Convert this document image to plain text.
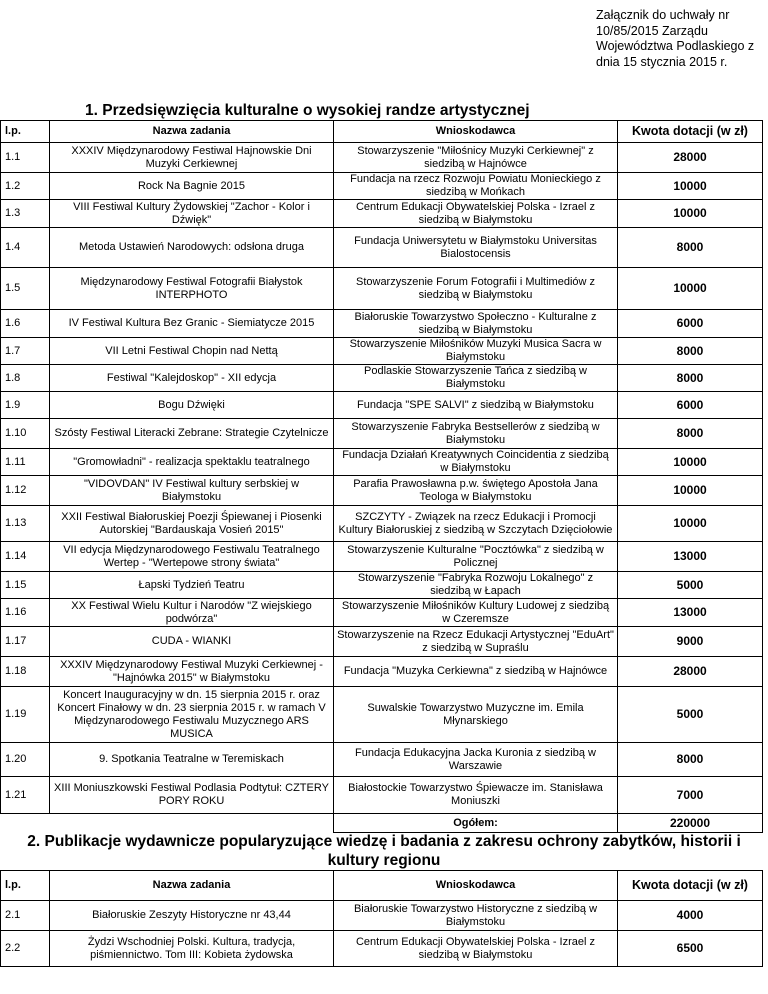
Załącznik do uchwały nr 10/85/2015 Zarządu Województwa Podlaskiego z dnia 15 stycznia 2015 r.
1. Przedsięwzięcia kulturalne o wysokiej randze artystycznej
l.p.	Nazwa zadania	Wnioskodawca	Kwota dotacji (w zł)
1.1	XXXIV Międzynarodowy Festiwal Hajnowskie Dni Muzyki Cerkiewnej	Stowarzyszenie "Miłośnicy Muzyki Cerkiewnej" z siedzibą w Hajnówce	28000
1.2	Rock Na Bagnie 2015	Fundacja na rzecz Rozwoju Powiatu Monieckiego z siedzibą w Mońkach	10000
1.3	VIII Festiwal Kultury Żydowskiej "Zachor - Kolor i Dźwięk"	Centrum Edukacji Obywatelskiej Polska - Izrael z siedzibą w Białymstoku	10000
1.4	Metoda Ustawień Narodowych: odsłona druga	Fundacja Uniwersytetu w Białymstoku Universitas Bialostocensis	8000
1.5	Międzynarodowy Festiwal Fotografii Białystok INTERPHOTO	Stowarzyszenie Forum Fotografii i Multimediów z siedzibą w Białymstoku	10000
1.6	IV Festiwal Kultura Bez Granic - Siemiatycze 2015	Białoruskie Towarzystwo Społeczno - Kulturalne z siedzibą w Białymstoku	6000
1.7	VII Letni Festiwal Chopin nad Nettą	Stowarzyszenie Miłośników Muzyki Musica Sacra w Białymstoku	8000
1.8	Festiwal "Kalejdoskop" - XII edycja	Podlaskie Stowarzyszenie Tańca z siedzibą w Białymstoku	8000
1.9	Bogu Dźwięki	Fundacja "SPE SALVI" z siedzibą w Białymstoku	6000
1.10	Szósty Festiwal Literacki Zebrane: Strategie Czytelnicze	Stowarzyszenie Fabryka Bestsellerów z siedzibą w Białymstoku	8000
1.11	"Gromowładni" - realizacja spektaklu teatralnego	Fundacja Działań Kreatywnych Coincidentia z siedzibą w Białymstoku	10000
1.12	"VIDOVDAN" IV Festiwal kultury serbskiej w Białymstoku	Parafia Prawosławna p.w. świętego Apostoła Jana Teologa w Białymstoku	10000
1.13	XXII Festiwal Białoruskiej Poezji Śpiewanej i Piosenki Autorskiej "Bardauskaja Vosień 2015"	SZCZYTY - Związek na rzecz Edukacji i Promocji Kultury Białoruskiej z siedzibą w Szczytach Dzięciołowie	10000
1.14	VII edycja Międzynarodowego Festiwalu Teatralnego Wertep - "Wertepowe strony świata"	Stowarzyszenie Kulturalne "Pocztówka" z siedzibą w Policznej	13000
1.15	Łapski Tydzień Teatru	Stowarzyszenie "Fabryka Rozwoju Lokalnego" z siedzibą w Łapach	5000
1.16	XX Festiwal Wielu Kultur i Narodów "Z wiejskiego podwórza"	Stowarzyszenie Miłośników Kultury Ludowej z siedzibą w Czeremsze	13000
1.17	CUDA - WIANKI	Stowarzyszenie na Rzecz Edukacji Artystycznej "EduArt" z siedzibą w Supraślu	9000
1.18	XXXIV Międzynarodowy Festiwal Muzyki Cerkiewnej - "Hajnówka 2015" w Białymstoku	Fundacja "Muzyka Cerkiewna" z siedzibą w Hajnówce	28000
1.19	Koncert Inauguracyjny w dn. 15 sierpnia 2015 r. oraz Koncert Finałowy w dn. 23 sierpnia 2015 r. w ramach V Międzynarodowego Festiwalu Muzycznego ARS MUSICA	Suwalskie Towarzystwo Muzyczne im. Emila Młynarskiego	5000
1.20	9. Spotkania Teatralne w Teremiskach	Fundacja Edukacyjna Jacka Kuronia z siedzibą w Warszawie	8000
1.21	XIII Moniuszkowski Festiwal Podlasia Podtytuł: CZTERY PORY ROKU	Białostockie Towarzystwo Śpiewacze im. Stanisława Moniuszki	7000
		Ogółem:	220000
2. Publikacje wydawnicze popularyzujące wiedzę i badania z zakresu ochrony zabytków, historii i kultury regionu
l.p.	Nazwa zadania	Wnioskodawca	Kwota dotacji (w zł)
2.1	Białoruskie Zeszyty Historyczne nr 43,44	Białoruskie Towarzystwo Historyczne z siedzibą w Białymstoku	4000
2.2	Żydzi Wschodniej Polski. Kultura, tradycja, piśmiennictwo. Tom III: Kobieta żydowska	Centrum Edukacji Obywatelskiej Polska - Izrael z siedzibą w Białymstoku	6500
